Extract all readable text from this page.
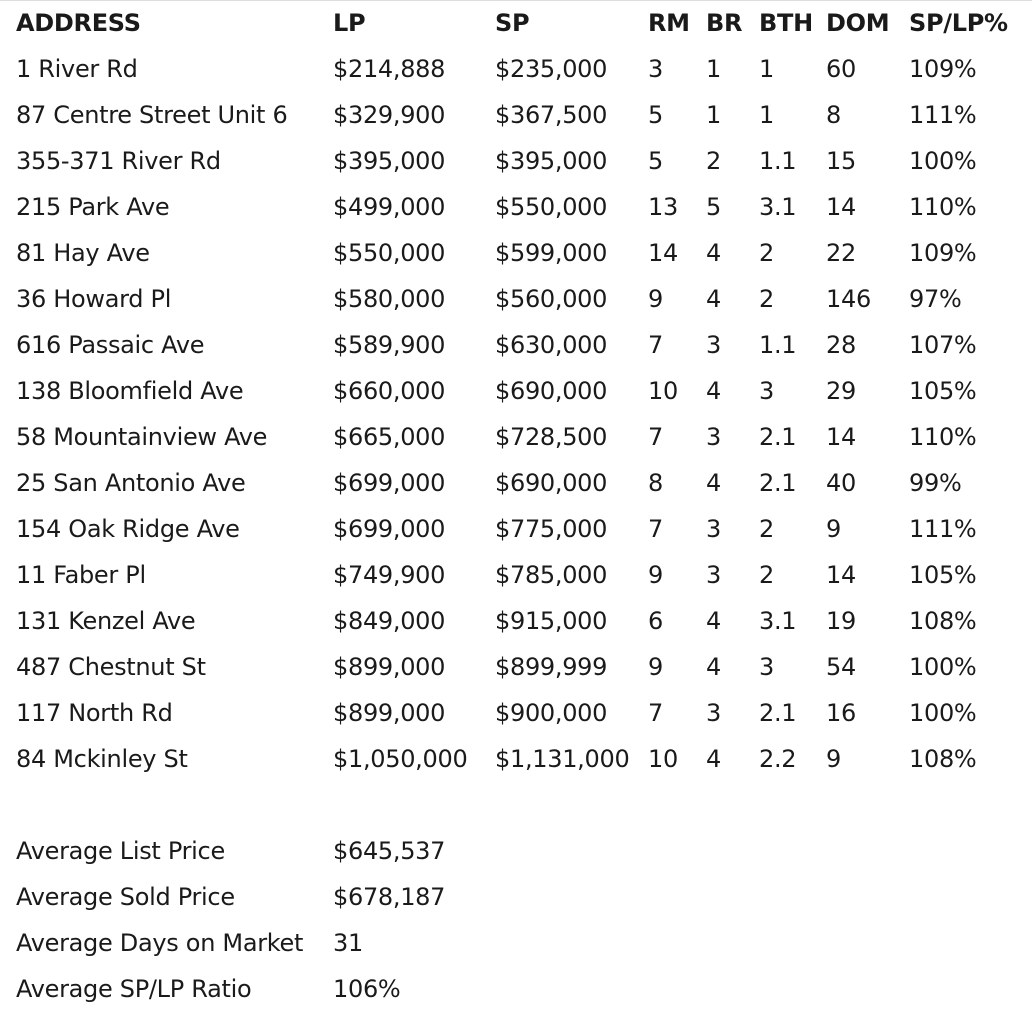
ADDRESS	LP	SP	RM BR BTH DOM SP/LP%
1 River Rd	$214,888 $235,000 3 1 1 60 109%
87 Centre Street Unit 6 $329,900 $367,500 5 1 1 8	111%
355-371 River Rd	$395,000 $395,000 5 2 1.1 15 100%
215 Park Ave	$499,000 $550,000 13 5 3.1 14 110%
81 Hay Ave	$550,000 $599,000 14 4 2 22 109%
36 Howard Pl	$580,000 $560,000 9 4 2 146 97%
616 Passaic Ave	$589,900 $630,000 7 3 1.1 28 107%
138 Bloomfield Ave	$660,000 $690,000 10 4 3 29 105%
58 Mountainview Ave	$665,000 $728,500 7 3 2.1 14 110%
25 San Antonio Ave	$699,000 $690,000 8 4 2.1 40 99%
154 Oak Ridge Ave	$699,000 $775,000 7 3 2 9	111%
11 Faber Pl	$749,900 $785,000 9 3 2 14 105%
131 Kenzel Ave	$849,000 $915,000 6 4 3.1 19 108%
487 Chestnut St	$899,000 $899,999 9 4 3 54 100%
117 North Rd	$899,000 $900,000 7 3 2.1 16 100%
84 Mckinley St	$1,050,000 $1,131,000 10 4 2.2 9	108%
Average List Price	$645,537
Average Sold Price	$678,187
Average Days on Market 31
Average SP/LP Ratio	106%
